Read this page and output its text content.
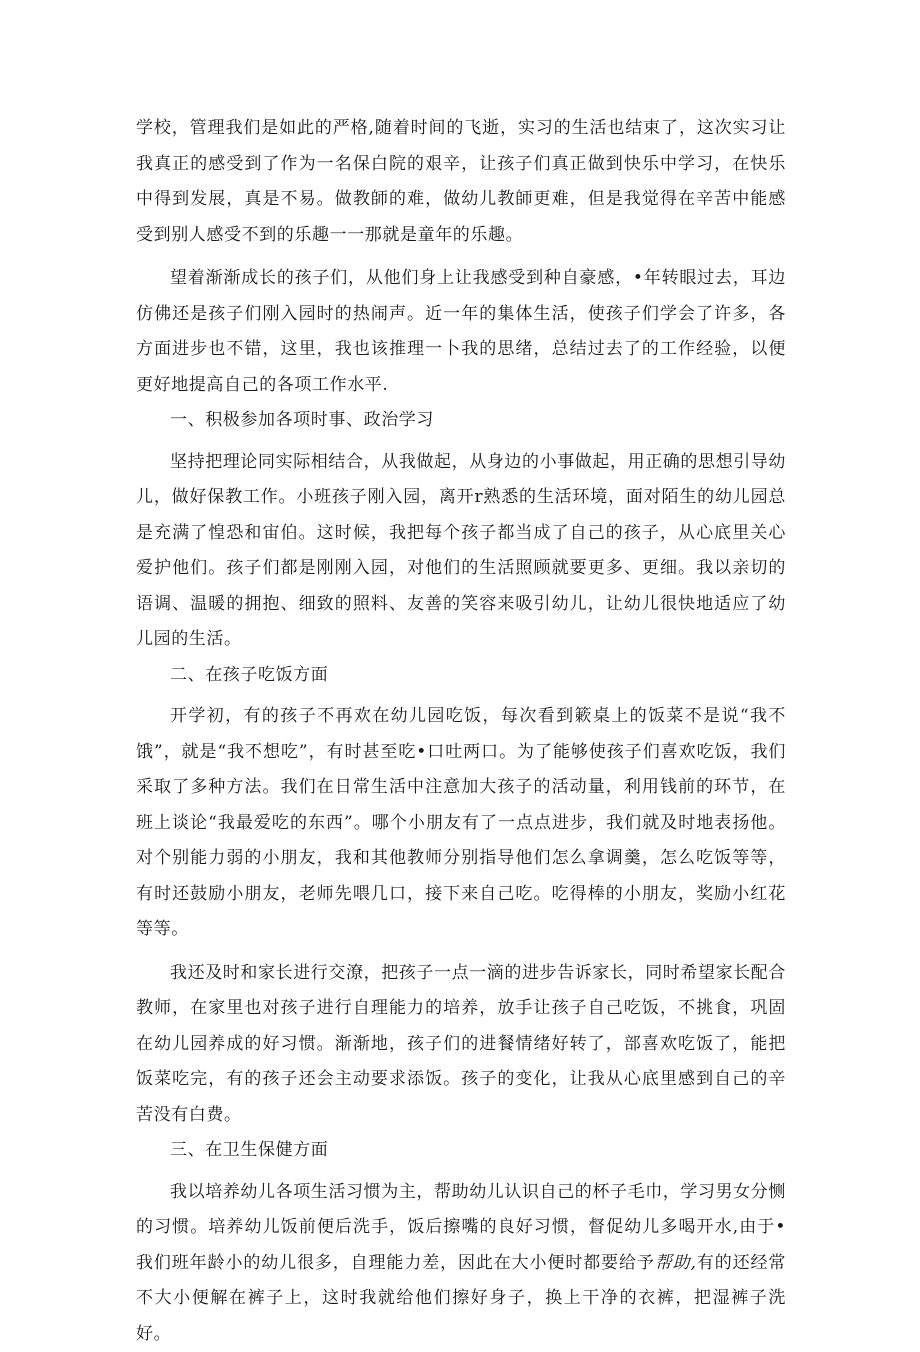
学校，管理我们是如此的严格,随着时间的飞逝，实习的生活也结束了，这次实习让我真正的感受到了作为一名保白院的艰辛，让孩子们真正做到快乐中学习，在快乐中得到发展，真是不易。做教師的难，做幼儿教師更难，但是我觉得在辛苦中能感受到别人感受不到的乐趣一一那就是童年的乐趣。

望着渐渐成长的孩子们，从他们身上让我感受到种自豪感，•年转眼过去，耳边仿佛还是孩子们刚入园时的热闹声。近一年的集体生活，使孩子们学会了许多，各方面进步也不错，这里，我也该推理一卜我的思绪，总结过去了的工作经验，以便更好地提高自己的各项工作水平.

一、积极参加各项时事、政治学习

坚持把理论同实际相结合，从我做起，从身边的小事做起，用正确的思想引导幼儿，做好保教工作。小班孩子刚入园，离开r熟悉的生活环境，面对陌生的幼儿园总是充满了惶恐和宙伯。这时候，我把每个孩子都当成了自己的孩子，从心底里关心爱护他们。孩子们都是刚刚入园，对他们的生活照顾就要更多、更细。我以亲切的语调、温暖的拥抱、细致的照料、友善的笑容来吸引幼儿，让幼儿很快地适应了幼儿园的生活。

二、在孩子吃饭方面

开学初，有的孩子不再欢在幼儿园吃饭，每次看到簌桌上的饭菜不是说“我不饿”，就是“我不想吃”，有时甚至吃•口吐两口。为了能够使孩子们喜欢吃饭，我们采取了多种方法。我们在日常生活中注意加大孩子的活动量，利用钱前的环节，在班上谈论“我最爱吃的东西”。哪个小朋友有了一点点进步，我们就及时地表扬他。对个别能力弱的小朋友，我和其他教师分别指导他们怎么拿调羹，怎么吃饭等等，有时还鼓励小朋友，老师先喂几口，接下来自己吃。吃得棒的小朋友，奖励小红花等等。

我还及时和家长进行交潦，把孩子一点一滴的进步告诉家长，同时希望家长配合教师，在家里也对孩子进行自理能力的培养，放手让孩子自己吃饭，不挑食，巩固在幼儿园养成的好习惯。渐渐地，孩子们的进餐情绪好转了，部喜欢吃饭了，能把饭菜吃完，有的孩子还会主动要求添饭。孩子的变化，让我从心底里感到自己的辛苦没有白费。

三、在卫生保健方面

我以培养幼儿各项生活习惯为主，帮助幼儿认识自己的杯子毛巾，学习男女分恻的习惯。培养幼儿饭前便后洗手，饭后擦嘴的良好习惯，督促幼儿多喝开水,由于•我们班年龄小的幼儿很多，自理能力差，因此在大小便时都要给予帮助,有的还经常不大小便解在裤子上，这时我就给他们擦好身子，换上干净的衣裤，把湿裤子洗好。
